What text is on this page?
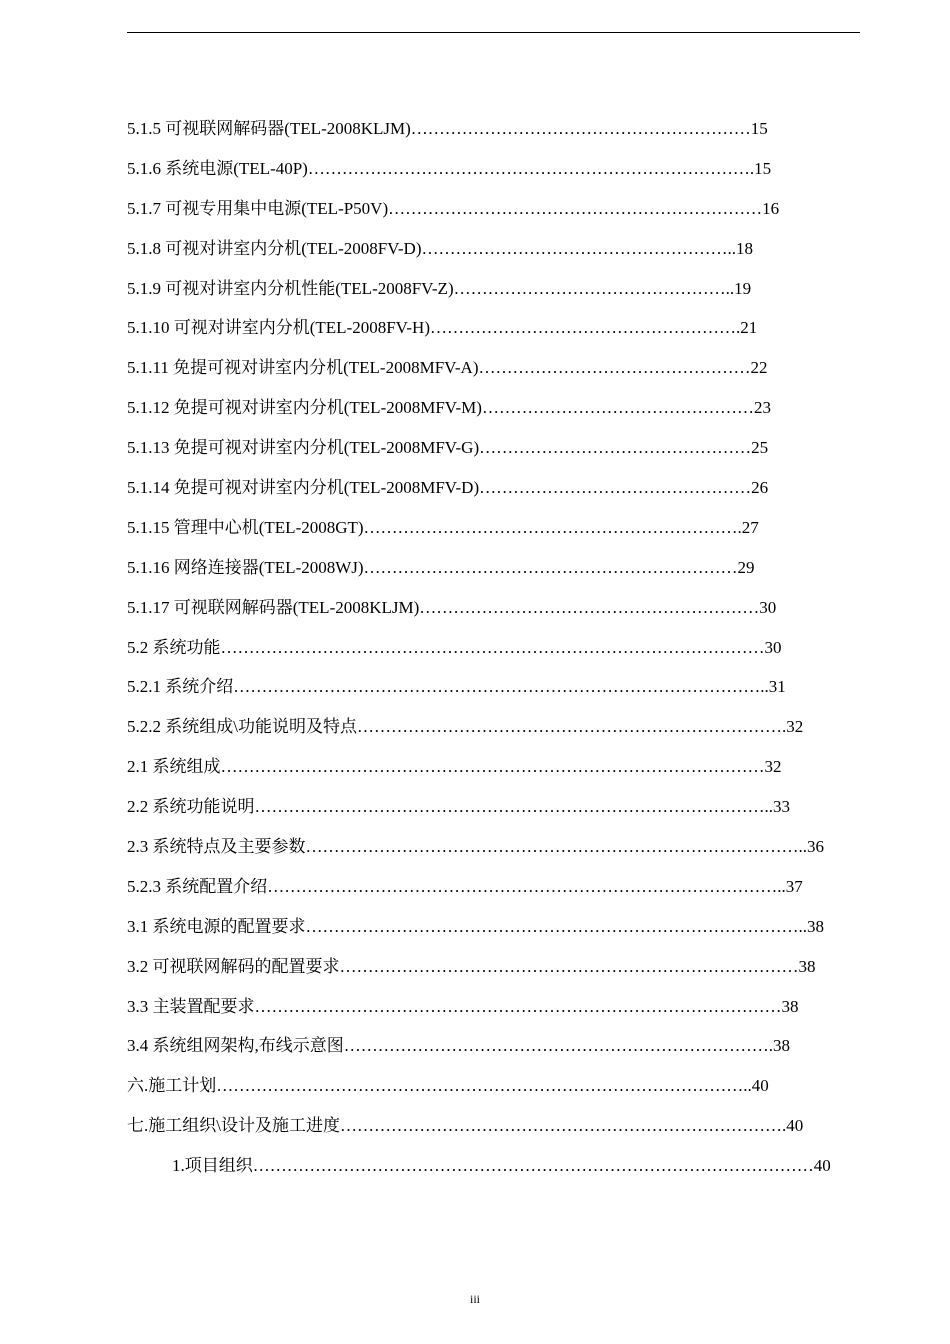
5.1.5 可视联网解码器(TEL-2008KLJM)……………………………………………………15
5.1.6 系统电源(TEL-40P)…………………………………………………………………….15
5.1.7 可视专用集中电源(TEL-P50V)…………………………………………………………16
5.1.8 可视对讲室内分机(TEL-2008FV-D)………………………………………………..18
5.1.9 可视对讲室内分机性能(TEL-2008FV-Z)…………………………………………..19
5.1.10 可视对讲室内分机(TEL-2008FV-H)……………………………………………….21
5.1.11 免提可视对讲室内分机(TEL-2008MFV-A)…………………………………………22
5.1.12 免提可视对讲室内分机(TEL-2008MFV-M)…………………………………………23
5.1.13 免提可视对讲室内分机(TEL-2008MFV-G)…………………………………………25
5.1.14 免提可视对讲室内分机(TEL-2008MFV-D)…………………………………………26
5.1.15 管理中心机(TEL-2008GT)………………………………………………………….27
5.1.16 网络连接器(TEL-2008WJ)…………………………………………………………29
5.1.17 可视联网解码器(TEL-2008KLJM)……………………………………………………30
5.2 系统功能……………………………………………………………………………………30
5.2.1 系统介绍…………………………………………………………………………………..31
5.2.2 系统组成\功能说明及特点………………………………………………………………….32
2.1 系统组成……………………………………………………………………………………32
2.2 系统功能说明………………………………………………………………………………..33
2.3 系统特点及主要参数……………………………………………………………………………..36
5.2.3 系统配置介绍………………………………………………………………………………..37
3.1 系统电源的配置要求……………………………………………………………………………..38
3.2 可视联网解码的配置要求………………………………………………………………………38
3.3 主装置配要求…………………………………………………………………………………38
3.4 系统组网架构,布线示意图………………………………………………………………….38
六.施工计划…………………………………………………………………………………..40
七.施工组织\设计及施工进度…………………………………………………………………….40
1.项目组织………………………………………………………………………………………40
iii
